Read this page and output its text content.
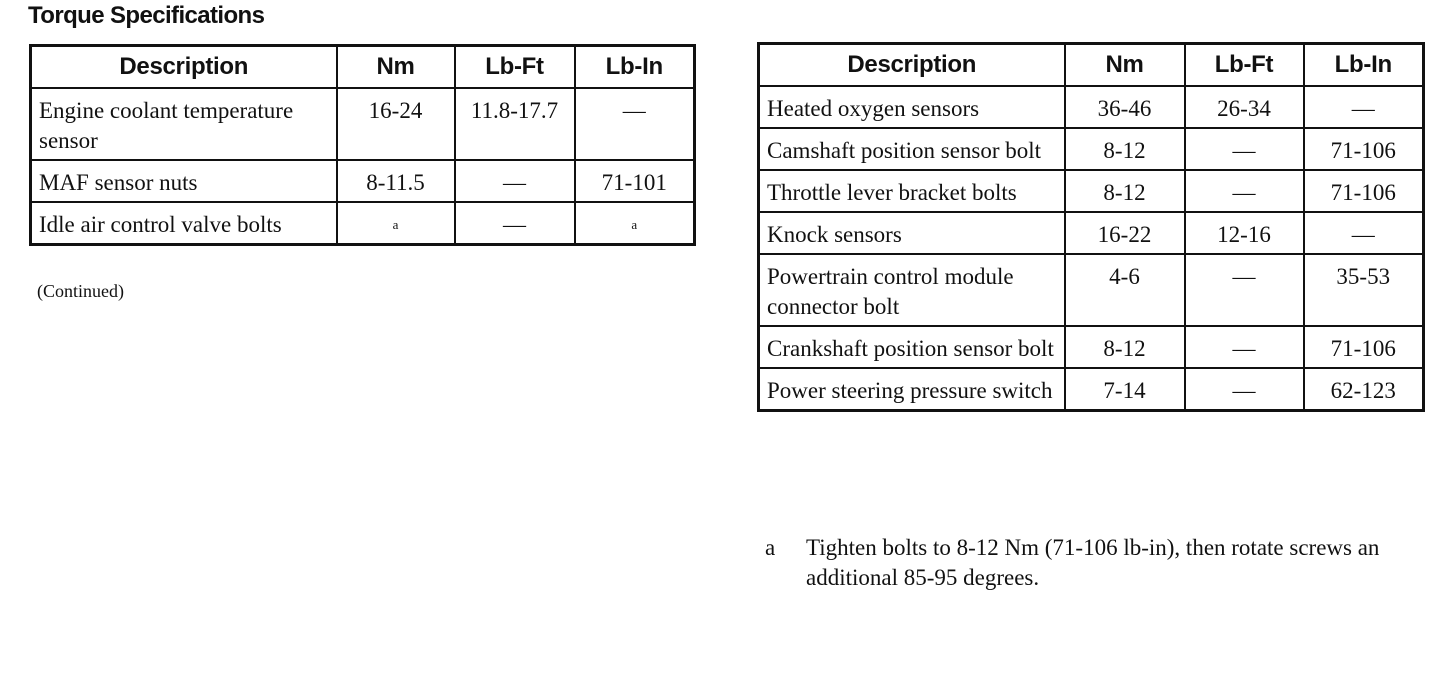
Torque Specifications
Description	Nm	Lb-Ft	Lb-In
Engine coolant temperature sensor	16-24	11.8-17.7	—
MAF sensor nuts	8-11.5	—	71-101
Idle air control valve bolts	a	—	a
(Continued)
Description	Nm	Lb-Ft	Lb-In
Heated oxygen sensors	36-46	26-34	—
Camshaft position sensor bolt	8-12	—	71-106
Throttle lever bracket bolts	8-12	—	71-106
Knock sensors	16-22	12-16	—
Powertrain control module connector bolt	4-6	—	35-53
Crankshaft position sensor bolt	8-12	—	71-106
Power steering pressure switch	7-14	—	62-123
a Tighten bolts to 8-12 Nm (71-106 lb-in), then rotate screws an additional 85-95 degrees.
